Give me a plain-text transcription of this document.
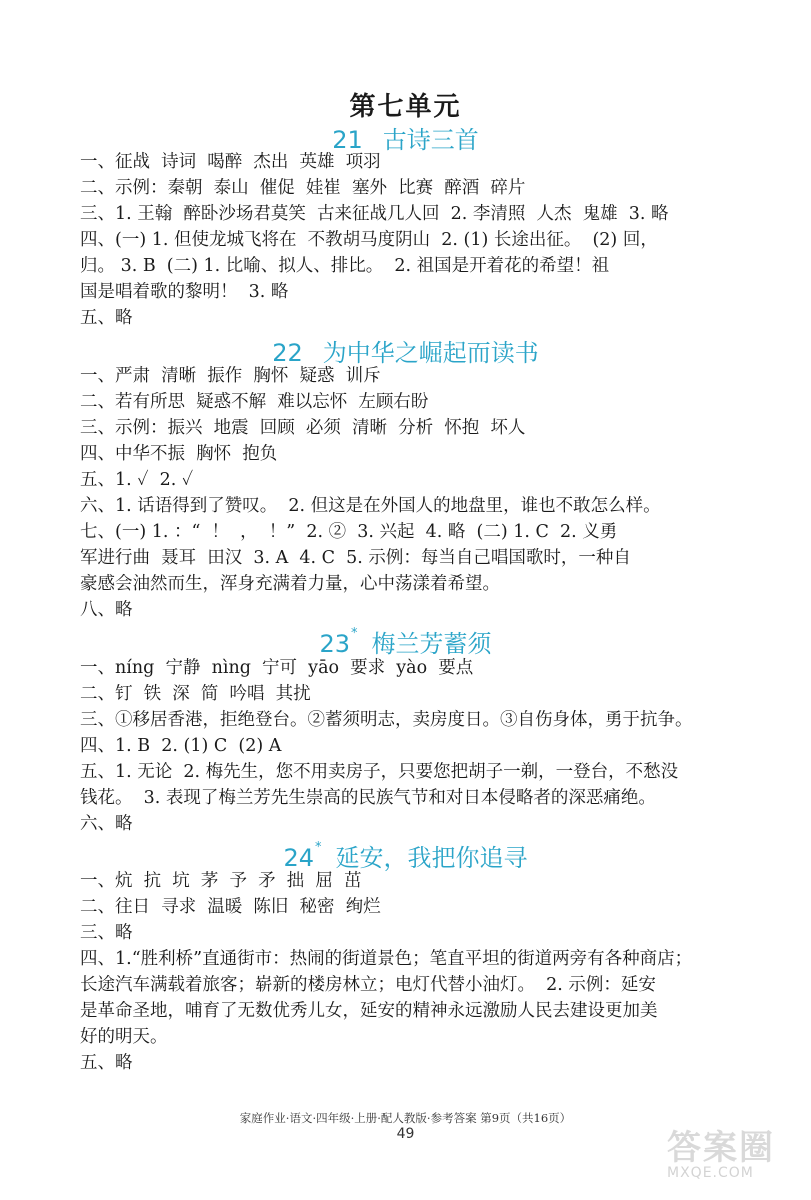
第七单元
21 古诗三首
一、征战  诗词  喝醉  杰出  英雄  项羽
二、示例：秦朝  泰山  催促  娃崔  塞外  比赛  醉酒  碎片
三、1. 王翰  醉卧沙场君莫笑  古来征战几人回  2. 李清照  人杰  鬼雄  3. 略
四、(一) 1. 但使龙城飞将在  不教胡马度阴山  2. (1) 长途出征。  (2) 回，
归。 3. B  (二) 1. 比喻、拟人、排比。  2. 祖国是开着花的希望！祖
国是唱着歌的黎明！  3. 略
五、略
22 为中华之崛起而读书
一、严肃  清晰  振作  胸怀  疑惑  训斥
二、若有所思  疑惑不解  难以忘怀  左顾右盼
三、示例：振兴  地震  回顾  必须  清晰  分析  怀抱  坏人
四、中华不振  胸怀  抱负
五、1. ✓  2. ✓
六、1. 话语得到了赞叹。  2. 但这是在外国人的地盘里，谁也不敢怎么样。
七、(一) 1. ：“  ！  ，  ！”  2. ②  3. 兴起  4. 略  (二) 1. C  2. 义勇
军进行曲  聂耳  田汉  3. A  4. C  5. 示例：每当自己唱国歌时，一种自
豪感会油然而生，浑身充满着力量，心中荡漾着希望。
八、略
23* 梅兰芳蓄须
一、níng  宁静  nìng  宁可  yāo  要求  yào  要点
二、钉  铁  深  简  吟唱  其扰
三、①移居香港，拒绝登台。②蓄须明志，卖房度日。③自伤身体，勇于抗争。
四、1. B  2. (1) C  (2) A
五、1. 无论  2. 梅先生，您不用卖房子，只要您把胡子一剃，一登台，不愁没
钱花。  3. 表现了梅兰芳先生崇高的民族气节和对日本侵略者的深恶痛绝。
六、略
24* 延安，我把你追寻
一、炕  抗  坑  茅  予  矛  拙  屈  茁
二、往日  寻求  温暖  陈旧  秘密  绚烂
三、略
四、1.“胜利桥”直通街市：热闹的街道景色；笔直平坦的街道两旁有各种商店；
长途汽车满载着旅客；崭新的楼房林立；电灯代替小油灯。  2. 示例：延安
是革命圣地，哺育了无数优秀儿女，延安的精神永远激励人民去建设更加美
好的明天。
五、略
家庭作业·语文·四年级·上册·配人教版·参考答案 第9页（共16页）
49	答案圈
MXQE.COM
